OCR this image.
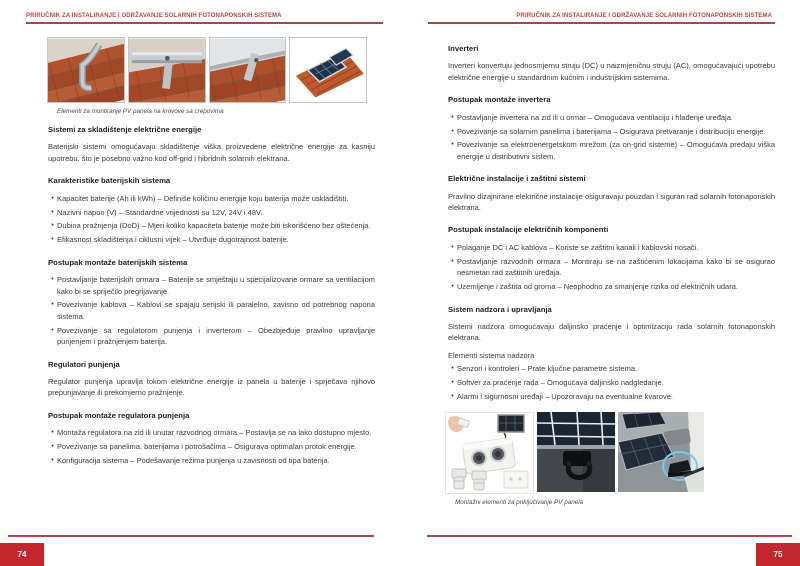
PRIRUČNIK ZA INSTALIRANJE I ODRŽAVANJE SOLARNIH FOTONAPONSKIH SISTEMA
Elementi za montiranje PV panela na krovove sa crepovima
Sistemi za skladištenje električne energije
Baterijski sistemi omogućavaju skladištenje viška proizvedene električne energije za kasniju upotrebu, što je posebno važno kod off-grid i hibridnih solarnih elektrana.
Karakteristike baterijskih sistema
• Kapacitet baterije (Ah ili kWh) – Definiše količinu energije koju baterija može uskladištiti.
• Nazivni napon (V) – Standardne vrijednosti su 12V, 24V i 48V.
• Dubina pražnjenja (DoD) – Mjeri koliko kapaciteta baterije može biti iskorišćeno bez oštećenja.
• Efikasnost skladištenja i ciklusni vijek – Utvrđuje dugotrajnost baterije.
Postupak montaže baterijskih sistema
• Postavljanje baterijskih ormara – Baterije se smještaju u specijalizovane ormare sa ventilacijom kako bi se spriječilo pregrijavanje.
• Povezivanje kablova – Kablovi se spajaju serijski ili paralelno, zavisno od potrebnog napona sistema.
• Povezivanje sa regulatorom punjenja i inverterom – Obezbjeđuje pravilno upravljanje punjenjem i pražnjenjem baterija.
Regulatori punjenja
Regulator punjenja upravlja tokom električne energije iz panela u baterije i sprječava njihovo prepunjavanje ili prekomjerno pražnjenje.
Postupak montaže regulatora punjenja
• Montaža regulatora na zid ili unutar razvodnog ormara – Postavlja se na lako dostupno mjesto.
• Povezivanje sa panelima, baterijama i potrošačima – Osigurava optimalan protok energije.
• Konfiguracija sistema – Podešavanje režima punjenja u zavisnosti od tipa baterija.
74
PRIRUČNIK ZA INSTALIRANJE I ODRŽAVANJE SOLARNIH FOTONAPONSKIH SISTEMA
Inverteri
Inverteri konvertuju jednosmjernu struju (DC) u naizmjeničnu struju (AC), omogućavajući upotrebu električne energije u standardnim kućnim i industrijskim sistemima.
Postupak montaže invertera
• Postavljanje invertera na zid ili u ormar – Omogućava ventilaciju i hlađenje uređaja.
• Povezivanje sa solarnim panelima i baterijama – Osigurava pretvaranje i distribuciju energije.
• Povezivanje sa elektroenergetskom mrežom (za on-grid sisteme) – Omogućava predaju viška energije u distributivni sistem.
Električne instalacije i zaštitni sistemi
Pravilno dizajnirane električne instalacije osiguravaju pouzdan i siguran rad solarnih fotonaponskih elektrana.
Postupak instalacije električnih komponenti
• Polaganje DC i AC kablova – Koriste se zaštitni kanali i kablovski nosači.
• Postavljanje razvodnih ormara – Montiraju se na zaštićenim lokacijama kako bi se osigurao nesmetan rad zaštitnih uređaja.
• Uzemljenje i zaštita od groma – Neophodno za smanjenje rizika od električnih udara.
Sistem nadzora i upravljanja
Sistemi nadzora omogućavaju daljinsko praćenje i optimizaciju rada solarnih fotonaponskih elektrana.
Elementi sistema nadzora
• Senzori i kontroleri – Prate ključne parametre sistema.
• Softver za praćenje rada – Omogućava daljinsko nadgledanje.
• Alarmi i sigurnosni uređaji – Upozoravaju na eventualne kvarove.
Montažni elementi za priključivanje PV panela
75
